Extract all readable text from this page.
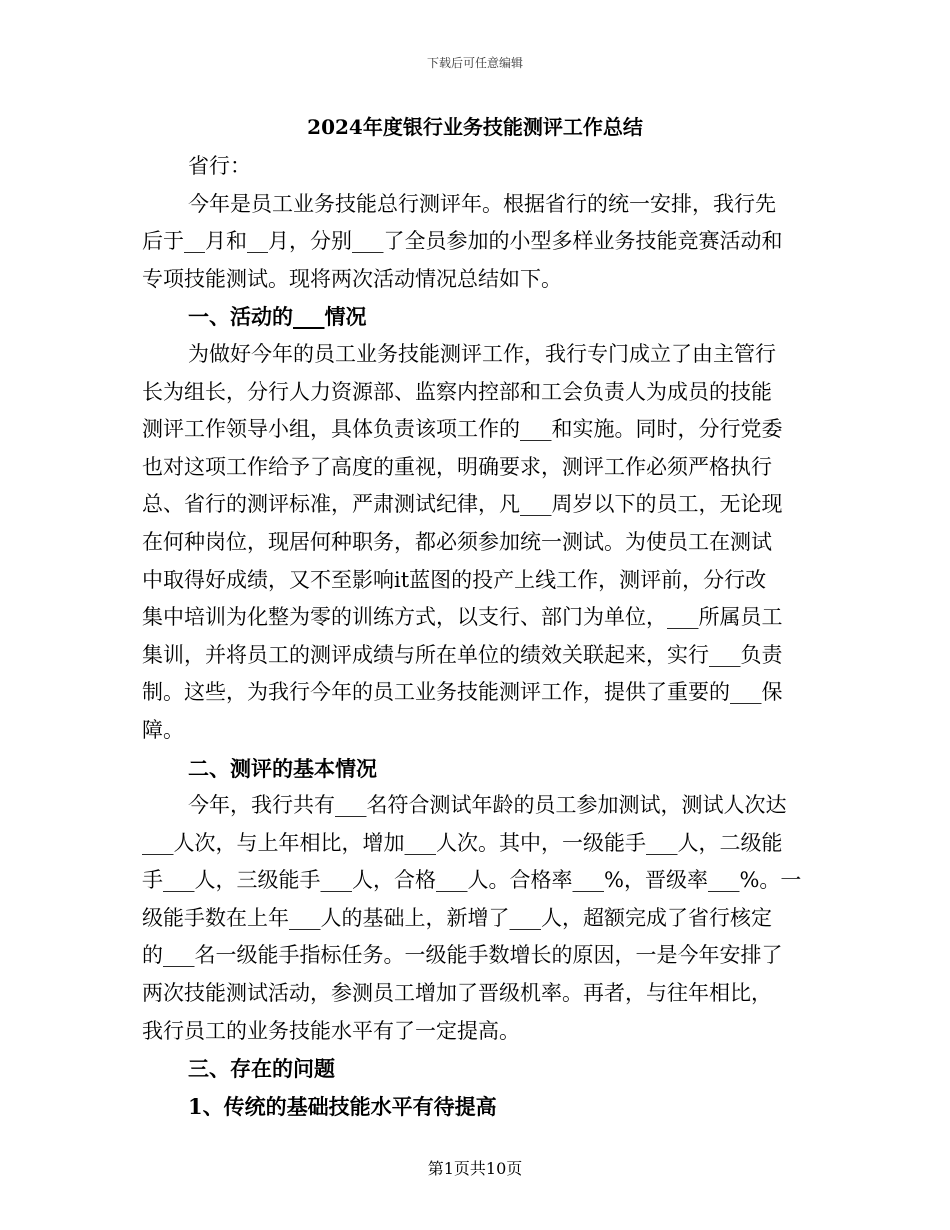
下载后可任意编辑
2024年度银行业务技能测评工作总结

省行：

今年是员工业务技能总行测评年。根据省行的统一安排，我行先

后于__月和__月，分别___了全员参加的小型多样业务技能竞赛活动和

专项技能测试。现将两次活动情况总结如下。

一、活动的___情况

为做好今年的员工业务技能测评工作，我行专门成立了由主管行

长为组长，分行人力资源部、监察内控部和工会负责人为成员的技能

测评工作领导小组，具体负责该项工作的___和实施。同时，分行党委

也对这项工作给予了高度的重视，明确要求，测评工作必须严格执行

总、省行的测评标准，严肃测试纪律，凡___周岁以下的员工，无论现

在何种岗位，现居何种职务，都必须参加统一测试。为使员工在测试

中取得好成绩，又不至影响it蓝图的投产上线工作，测评前，分行改

集中培训为化整为零的训练方式，以支行、部门为单位，___所属员工

集训，并将员工的测评成绩与所在单位的绩效关联起来，实行___负责

制。这些，为我行今年的员工业务技能测评工作，提供了重要的___保

障。

二、测评的基本情况

今年，我行共有___名符合测试年龄的员工参加测试，测试人次达

___人次，与上年相比，增加___人次。其中，一级能手___人，二级能

手___人，三级能手___人，合格___人。合格率___%，晋级率___%。一

级能手数在上年___人的基础上，新增了___人，超额完成了省行核定

的___名一级能手指标任务。一级能手数增长的原因，一是今年安排了

两次技能测试活动，参测员工增加了晋级机率。再者，与往年相比，

我行员工的业务技能水平有了一定提高。

三、存在的问题

1、传统的基础技能水平有待提高

第1页共10页
